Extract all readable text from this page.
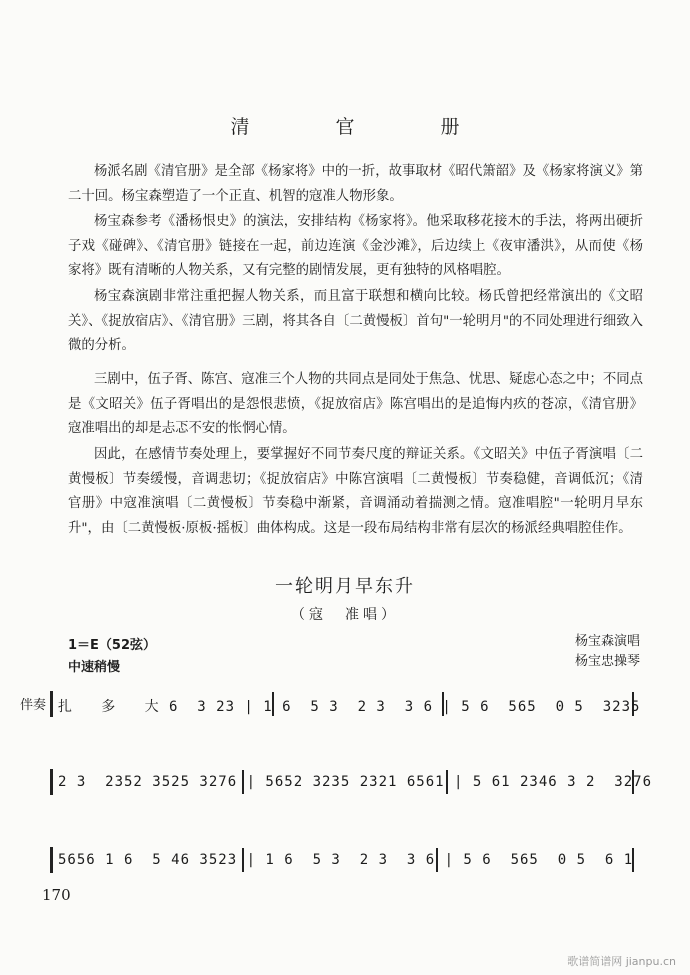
清 官 册

杨派名剧《清官册》是全部《杨家将》中的一折，故事取材《昭代箫韶》及《杨家将演义》第二十回。杨宝森塑造了一个正直、机智的寇准人物形象。

杨宝森参考《潘杨恨史》的演法，安排结构《杨家将》。他采取移花接木的手法，将两出硬折子戏《碰碑》、《清官册》链接在一起，前边连演《金沙滩》，后边续上《夜审潘洪》，从而使《杨家将》既有清晰的人物关系，又有完整的剧情发展，更有独特的风格唱腔。

杨宝森演剧非常注重把握人物关系，而且富于联想和横向比较。杨氏曾把经常演出的《文昭关》、《捉放宿店》、《清官册》三剧，将其各自〔二黄慢板〕首句"一轮明月"的不同处理进行细致入微的分析。

三剧中，伍子胥、陈宫、寇准三个人物的共同点是同处于焦急、忧思、疑虑心态之中；不同点是《文昭关》伍子胥唱出的是怨恨悲愤，《捉放宿店》陈宫唱出的是追悔内疚的苍凉，《清官册》寇准唱出的却是忐忑不安的怅惘心情。

因此，在感情节奏处理上，要掌握好不同节奏尺度的辩证关系。《文昭关》中伍子胥演唱〔二黄慢板〕节奏缓慢，音调悲切；《捉放宿店》中陈宫演唱〔二黄慢板〕节奏稳健，音调低沉；《清官册》中寇准演唱〔二黄慢板〕节奏稳中渐紧，音调涌动着揣测之情。寇准唱腔"一轮明月早东升"，由〔二黄慢板·原板·摇板〕曲体构成。这是一段布局结构非常有层次的杨派经典唱腔佳作。

一轮明月早东升
（寇　准唱）
杨宝森演唱
杨宝忠操琴
1＝E（52弦）
中速稍慢
伴奏 扎   多   大 6  3 23 | 1 6  5 3  2 3  3 6 | 5 6  565  0 5  3235
2 3  2352 3525 3276 | 5652 3235 2321 6561 | 5 61 2346 3 2  3276
5656 1 6  5 46 3523 | 1 6  5 3  2 3  3 6 | 5 6  565  0 5  6 1
170
歌谱简谱网 jianpu.cn
